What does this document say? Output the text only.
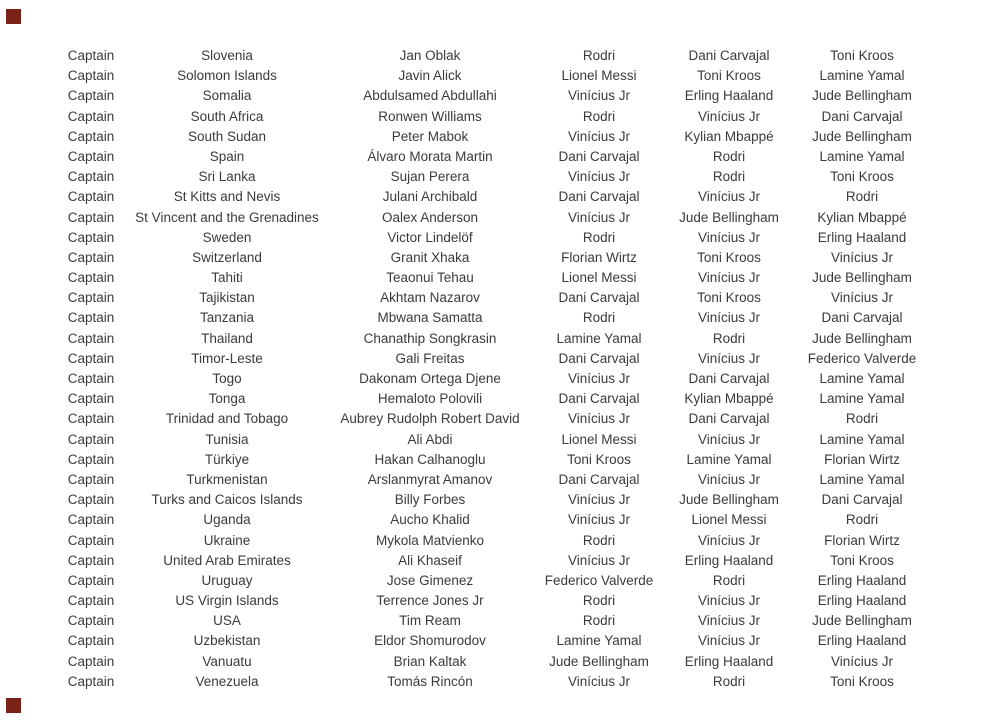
Captain	Slovenia	Jan Oblak	Rodri	Dani Carvajal	Toni Kroos
Captain	Solomon Islands	Javin Alick	Lionel Messi	Toni Kroos	Lamine Yamal
Captain	Somalia	Abdulsamed Abdullahi	Vinícius Jr	Erling Haaland	Jude Bellingham
Captain	South Africa	Ronwen Williams	Rodri	Vinícius Jr	Dani Carvajal
Captain	South Sudan	Peter Mabok	Vinícius Jr	Kylian Mbappé	Jude Bellingham
Captain	Spain	Álvaro Morata Martin	Dani Carvajal	Rodri	Lamine Yamal
Captain	Sri Lanka	Sujan Perera	Vinícius Jr	Rodri	Toni Kroos
Captain	St Kitts and Nevis	Julani Archibald	Dani Carvajal	Vinícius Jr	Rodri
Captain	St Vincent and the Grenadines	Oalex Anderson	Vinícius Jr	Jude Bellingham	Kylian Mbappé
Captain	Sweden	Victor Lindelöf	Rodri	Vinícius Jr	Erling Haaland
Captain	Switzerland	Granit Xhaka	Florian Wirtz	Toni Kroos	Vinícius Jr
Captain	Tahiti	Teaonui Tehau	Lionel Messi	Vinícius Jr	Jude Bellingham
Captain	Tajikistan	Akhtam Nazarov	Dani Carvajal	Toni Kroos	Vinícius Jr
Captain	Tanzania	Mbwana Samatta	Rodri	Vinícius Jr	Dani Carvajal
Captain	Thailand	Chanathip Songkrasin	Lamine Yamal	Rodri	Jude Bellingham
Captain	Timor-Leste	Gali Freitas	Dani Carvajal	Vinícius Jr	Federico Valverde
Captain	Togo	Dakonam Ortega Djene	Vinícius Jr	Dani Carvajal	Lamine Yamal
Captain	Tonga	Hemaloto Polovili	Dani Carvajal	Kylian Mbappé	Lamine Yamal
Captain	Trinidad and Tobago	Aubrey Rudolph Robert David	Vinícius Jr	Dani Carvajal	Rodri
Captain	Tunisia	Ali Abdi	Lionel Messi	Vinícius Jr	Lamine Yamal
Captain	Türkiye	Hakan Calhanoglu	Toni Kroos	Lamine Yamal	Florian Wirtz
Captain	Turkmenistan	Arslanmyrat Amanov	Dani Carvajal	Vinícius Jr	Lamine Yamal
Captain	Turks and Caicos Islands	Billy Forbes	Vinícius Jr	Jude Bellingham	Dani Carvajal
Captain	Uganda	Aucho Khalid	Vinícius Jr	Lionel Messi	Rodri
Captain	Ukraine	Mykola Matvienko	Rodri	Vinícius Jr	Florian Wirtz
Captain	United Arab Emirates	Ali Khaseif	Vinícius Jr	Erling Haaland	Toni Kroos
Captain	Uruguay	Jose Gimenez	Federico Valverde	Rodri	Erling Haaland
Captain	US Virgin Islands	Terrence Jones Jr	Rodri	Vinícius Jr	Erling Haaland
Captain	USA	Tim Ream	Rodri	Vinícius Jr	Jude Bellingham
Captain	Uzbekistan	Eldor Shomurodov	Lamine Yamal	Vinícius Jr	Erling Haaland
Captain	Vanuatu	Brian Kaltak	Jude Bellingham	Erling Haaland	Vinícius Jr
Captain	Venezuela	Tomás Rincón	Vinícius Jr	Rodri	Toni Kroos
